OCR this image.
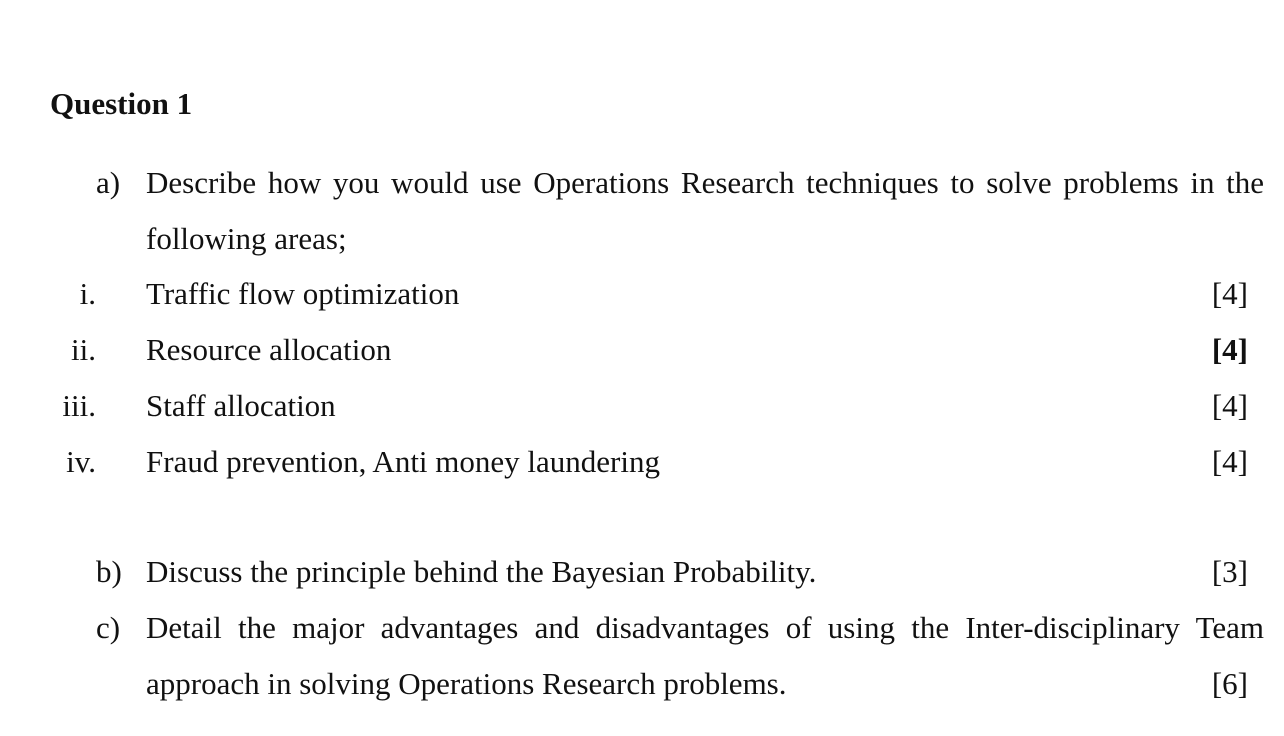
Question 1
a) Describe how you would use Operations Research techniques to solve problems in the
following areas;
i. Traffic flow optimization	[4]
ii. Resource allocation	[4]
iii. Staff allocation	[4]
iv. Fraud prevention, Anti money laundering	[4]
b) Discuss the principle behind the Bayesian Probability.	[3]
c) Detail the major advantages and disadvantages of using the Inter-disciplinary Team
approach in solving Operations Research problems.	[6]
